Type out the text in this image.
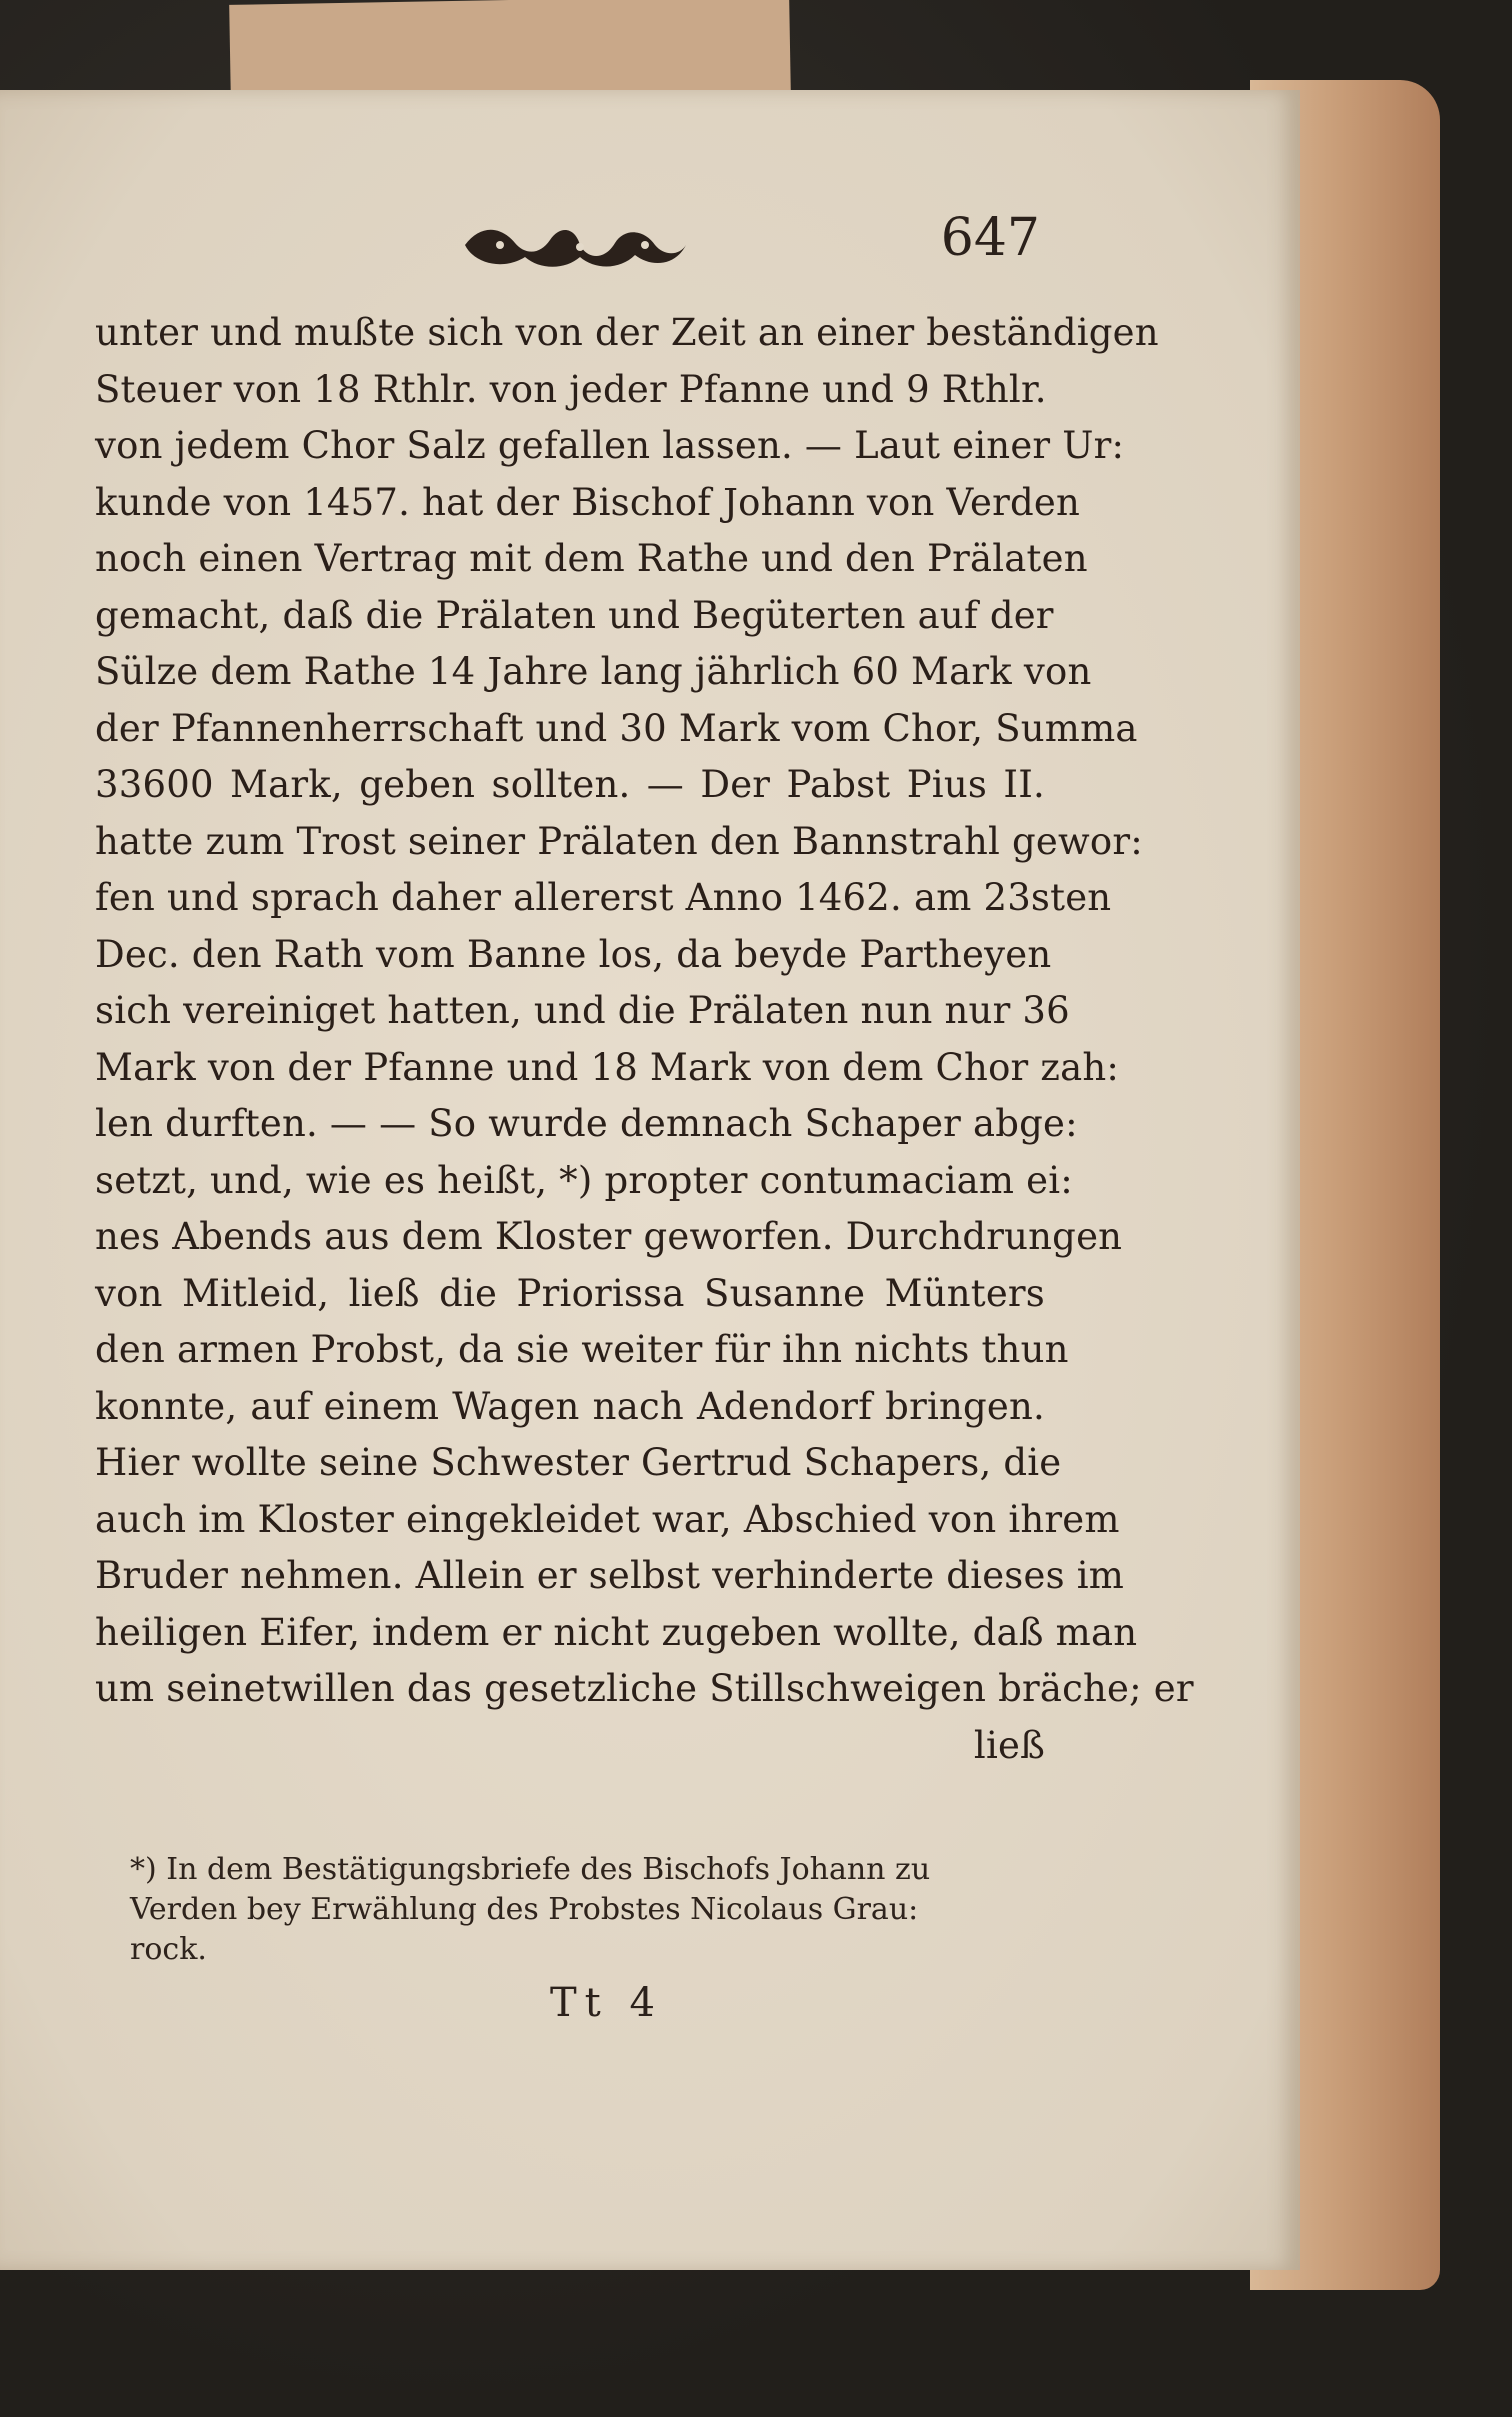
647
unter und mußte sich von der Zeit an einer beständigen
Steuer von 18 Rthlr. von jeder Pfanne und 9 Rthlr.
von jedem Chor Salz gefallen lassen. — Laut einer Ur:
kunde von 1457. hat der Bischof Johann von Verden
noch einen Vertrag mit dem Rathe und den Prälaten
gemacht, daß die Prälaten und Begüterten auf der
Sülze dem Rathe 14 Jahre lang jährlich 60 Mark von
der Pfannenherrschaft und 30 Mark vom Chor, Summa
33600 Mark, geben sollten. — Der Pabst Pius II.
hatte zum Trost seiner Prälaten den Bannstrahl gewor:
fen und sprach daher allererst Anno 1462. am 23sten
Dec. den Rath vom Banne los, da beyde Partheyen
sich vereiniget hatten, und die Prälaten nun nur 36
Mark von der Pfanne und 18 Mark von dem Chor zah:
len durften. — — So wurde demnach Schaper abge:
setzt, und, wie es heißt, *) propter contumaciam ei:
nes Abends aus dem Kloster geworfen. Durchdrungen
von Mitleid, ließ die Priorissa Susanne Münters
den armen Probst, da sie weiter für ihn nichts thun
konnte, auf einem Wagen nach Adendorf bringen.
Hier wollte seine Schwester Gertrud Schapers, die
auch im Kloster eingekleidet war, Abschied von ihrem
Bruder nehmen. Allein er selbst verhinderte dieses im
heiligen Eifer, indem er nicht zugeben wollte, daß man
um seinetwillen das gesetzliche Stillschweigen bräche; er
ließ
*) In dem Bestätigungsbriefe des Bischofs Johann zu
Verden bey Erwählung des Probstes Nicolaus Grau:
rock.
Tt 4
